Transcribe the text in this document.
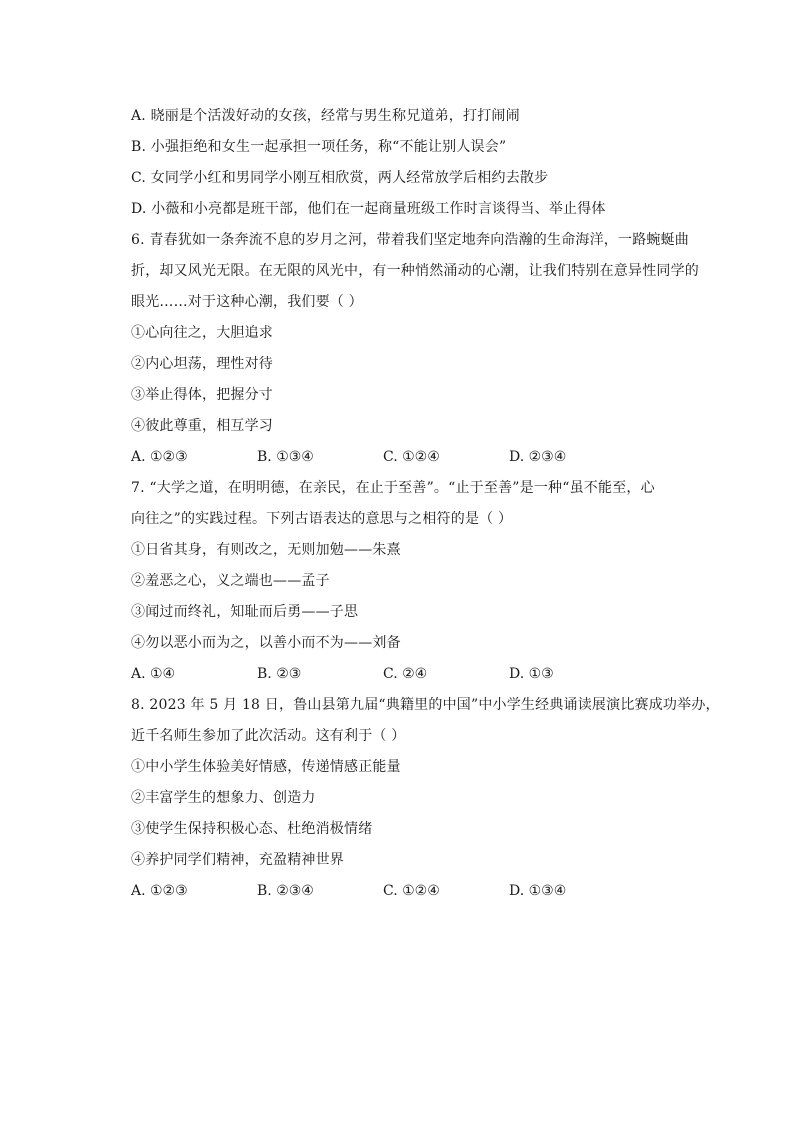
A. 晓丽是个活泼好动的女孩，经常与男生称兄道弟，打打闹闹
B. 小强拒绝和女生一起承担一项任务，称“不能让别人误会”
C. 女同学小红和男同学小刚互相欣赏，两人经常放学后相约去散步
D. 小薇和小亮都是班干部，他们在一起商量班级工作时言谈得当、举止得体
6. 青春犹如一条奔流不息的岁月之河，带着我们坚定地奔向浩瀚的生命海洋，一路蜿蜒曲
折，却又风光无限。在无限的风光中，有一种悄然涌动的心潮，让我们特别在意异性同学的
眼光……对于这种心潮，我们要（ ）
①心向往之，大胆追求
②内心坦荡，理性对待
③举止得体，把握分寸
④彼此尊重，相互学习
A. ①②③	B. ①③④	C. ①②④	D. ②③④
7. “大学之道，在明明德，在亲民，在止于至善”。“止于至善”是一种“虽不能至，心
向往之”的实践过程。下列古语表达的意思与之相符的是（ ）
①日省其身，有则改之，无则加勉——朱熹
②羞恶之心，义之端也——孟子
③闻过而终礼，知耻而后勇——子思
④勿以恶小而为之，以善小而不为——刘备
A. ①④	B. ②③	C. ②④	D. ①③
8. 2023 年 5 月 18 日，鲁山县第九届“典籍里的中国”中小学生经典诵读展演比赛成功举办，
近千名师生参加了此次活动。这有利于（ ）
①中小学生体验美好情感，传递情感正能量
②丰富学生的想象力、创造力
③使学生保持积极心态、杜绝消极情绪
④养护同学们精神，充盈精神世界
A. ①②③	B. ②③④	C. ①②④	D. ①③④
